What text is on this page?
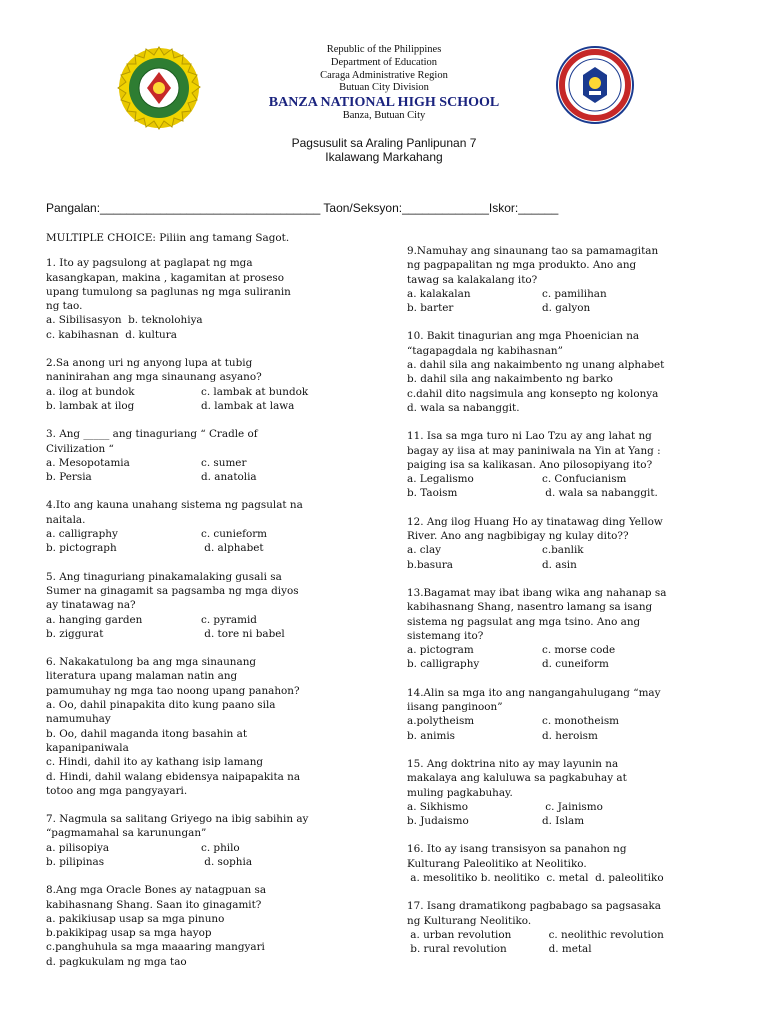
Republic of the Philippines
Department of Education
Caraga Administrative Region
Butuan City Division
BANZA NATIONAL HIGH SCHOOL
Banza, Butuan City
Pagsusulit sa Araling Panlipunan 7
Ikalawang Markahang
Pangalan:_________________________________ Taon/Seksyon:_____________Iskor:______

MULTIPLE CHOICE: Piliin ang tamang Sagot.

1. Ito ay pagsulong at paglapat ng mga

kasangkapan, makina , kagamitan at proseso

upang tumulong sa paglunas ng mga suliranin

ng tao.

a. Sibilisasyon  b. teknolohiya
c. kabihasnan  d. kultura

2.Sa anong uri ng anyong lupa at tubig

naninirahan ang mga sinaunang asyano?

a. ilog at bundok	c. lambak at bundok
b. lambak at ilog	d. lambak at lawa

3. Ang _____ ang tinaguriang “ Cradle of

Civilization “

a. Mesopotamia	c. sumer
b. Persia	d. anatolia

4.Ito ang kauna unahang sistema ng pagsulat na

naitala.

a. calligraphy	c. cunieform
b. pictograph	d. alphabet

5. Ang tinaguriang pinakamalaking gusali sa

Sumer na ginagamit sa pagsamba ng mga diyos

ay tinatawag na?

a. hanging garden	c. pyramid
b. ziggurat	d. tore ni babel

6. Nakakatulong ba ang mga sinaunang

literatura upang malaman natin ang

pamumuhay ng mga tao noong upang panahon?

a. Oo, dahil pinapakita dito kung paano sila
namumuhay
b. Oo, dahil maganda itong basahin at
kapanipaniwala
c. Hindi, dahil ito ay kathang isip lamang
d. Hindi, dahil walang ebidensya naipapakita na
totoo ang mga pangyayari.

7. Nagmula sa salitang Griyego na ibig sabihin ay

“pagmamahal sa karunungan”

a. pilisopiya	c. philo
b. pilipinas	d. sophia

8.Ang mga Oracle Bones ay natagpuan sa

kabihasnang Shang. Saan ito ginagamit?

a. pakikiusap usap sa mga pinuno
b.pakikipag usap sa mga hayop
c.panghuhula sa mga maaaring mangyari
d. pagkukulam ng mga tao

9.Namuhay ang sinaunang tao sa pamamagitan

ng pagpapalitan ng mga produkto. Ano ang

tawag sa kalakalang ito?

a. kalakalan	c. pamilihan
b. barter	d. galyon

10. Bakit tinagurian ang mga Phoenician na

“tagapagdala ng kabihasnan”

a. dahil sila ang nakaimbento ng unang alphabet
b. dahil sila ang nakaimbento ng barko
c.dahil dito nagsimula ang konsepto ng kolonya
d. wala sa nabanggit.

11. Isa sa mga turo ni Lao Tzu ay ang lahat ng

bagay ay iisa at may paniniwala na Yin at Yang :

paiging isa sa kalikasan. Ano pilosopiyang ito?

a. Legalismo	c. Confucianism
b. Taoism	d. wala sa nabanggit.

12. Ang ilog Huang Ho ay tinatawag ding Yellow

River. Ano ang nagbibigay ng kulay dito??

a. clay	c.banlik
b.basura	d. asin

13.Bagamat may ibat ibang wika ang nahanap sa

kabihasnang Shang, nasentro lamang sa isang

sistema ng pagsulat ang mga tsino. Ano ang

sistemang ito?

a. pictogram	c. morse code
b. calligraphy	d. cuneiform

14.Alin sa mga ito ang nangangahulugang “may

iisang panginoon”

a.polytheism	c. monotheism
b. animis	d. heroism

15. Ang doktrina nito ay may layunin na

makalaya ang kaluluwa sa pagkabuhay at

muling pagkabuhay.

a. Sikhismo	c. Jainismo
b. Judaismo	d. Islam

16. Ito ay isang transisyon sa panahon ng

Kulturang Paleolitiko at Neolitiko.

a. mesolitiko b. neolitiko  c. metal  d. paleolitiko

17. Isang dramatikong pagbabago sa pagsasaka

ng Kulturang Neolitiko.

a. urban revolution	c. neolithic revolution
b. rural revolution	d. metal
